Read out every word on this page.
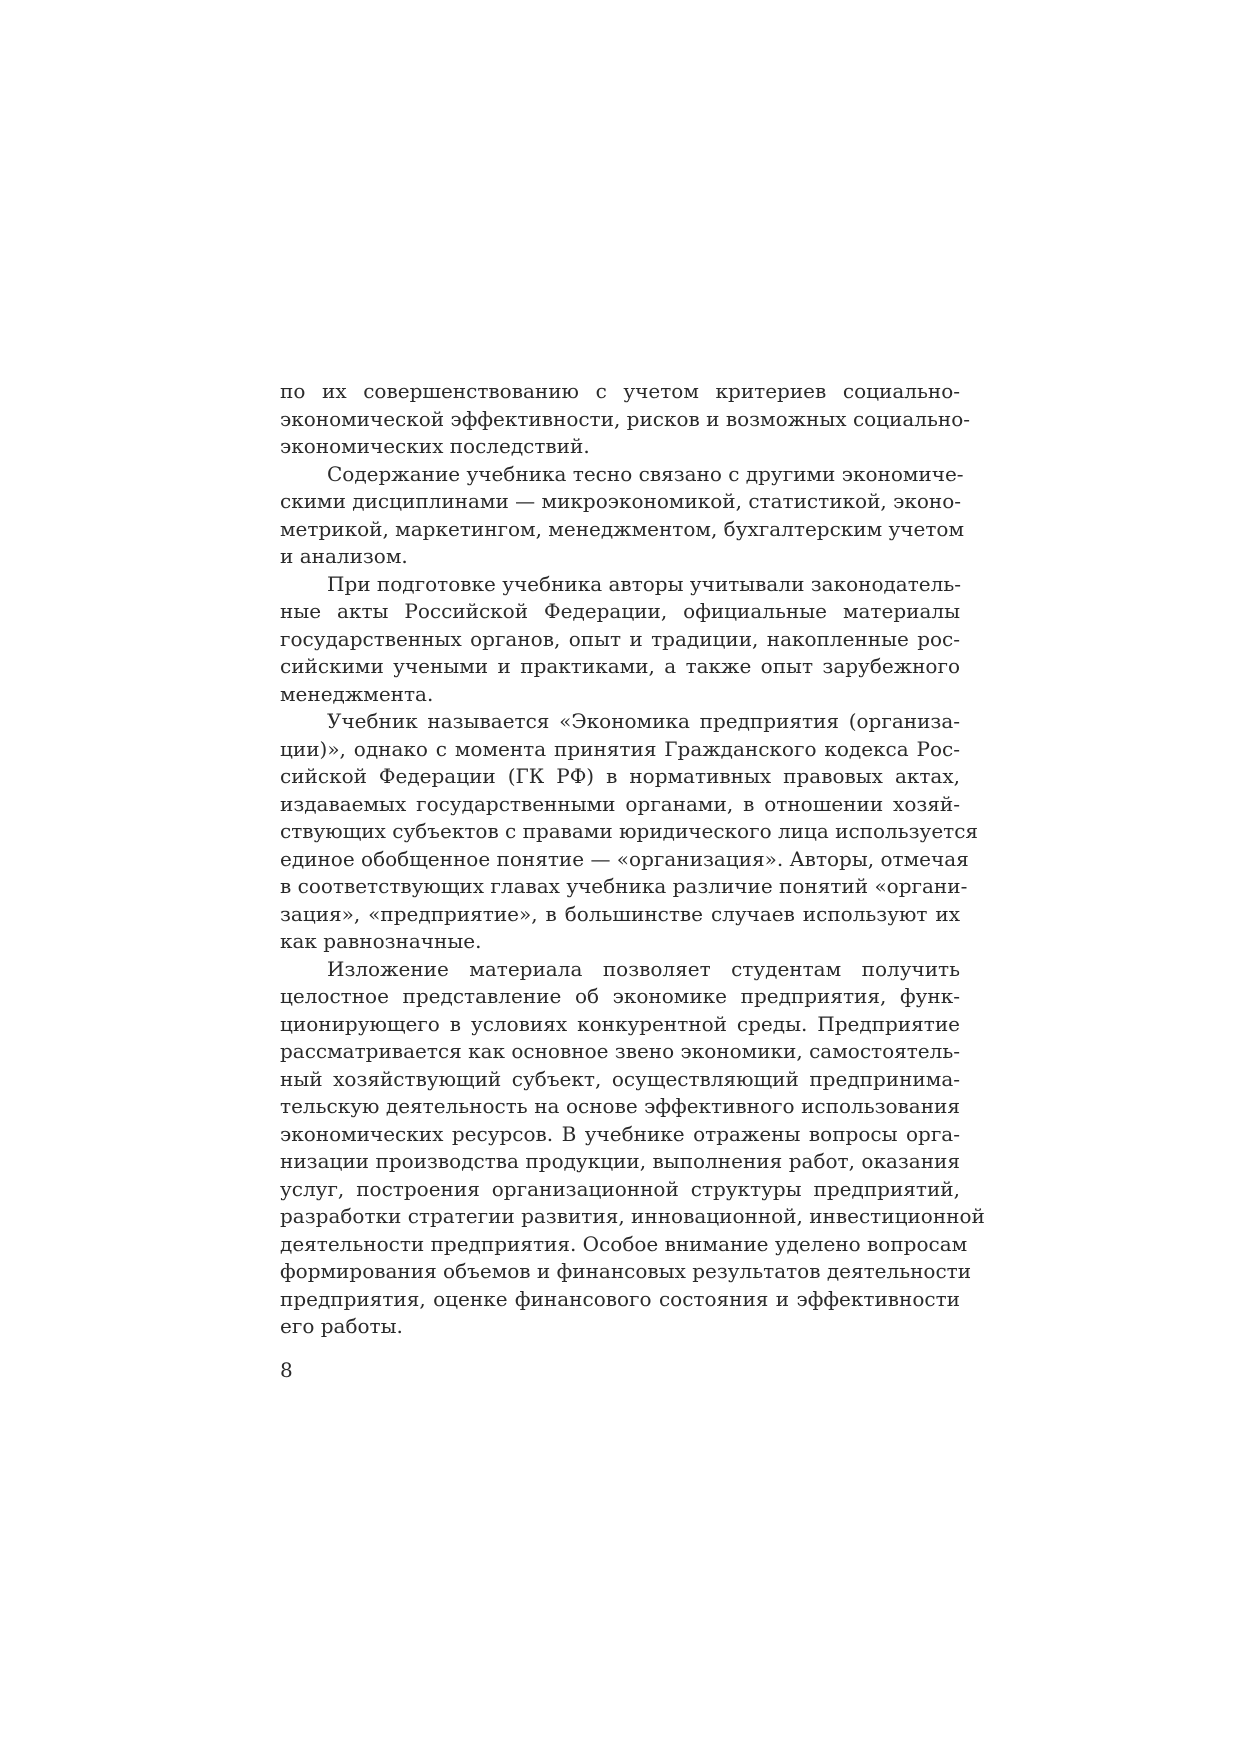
по их совершенствованию с учетом критериев социально-
экономической эффективности, рисков и возможных социально-
экономических последствий.
Содержание учебника тесно связано с другими экономиче-
скими дисциплинами — микроэкономикой, статистикой, эконо-
метрикой, маркетингом, менеджментом, бухгалтерским учетом
и анализом.
При подготовке учебника авторы учитывали законодатель-
ные акты Российской Федерации, официальные материалы
государственных органов, опыт и традиции, накопленные рос-
сийскими учеными и практиками, а также опыт зарубежного
менеджмента.
Учебник называется «Экономика предприятия (организа-
ции)», однако с момента принятия Гражданского кодекса Рос-
сийской Федерации (ГК РФ) в нормативных правовых актах,
издаваемых государственными органами, в отношении хозяй-
ствующих субъектов с правами юридического лица используется
единое обобщенное понятие — «организация». Авторы, отмечая
в соответствующих главах учебника различие понятий «органи-
зация», «предприятие», в большинстве случаев используют их
как равнозначные.
Изложение материала позволяет студентам получить
целостное представление об экономике предприятия, функ-
ционирующего в условиях конкурентной среды. Предприятие
рассматривается как основное звено экономики, самостоятель-
ный хозяйствующий субъект, осуществляющий предпринима-
тельскую деятельность на основе эффективного использования
экономических ресурсов. В учебнике отражены вопросы орга-
низации производства продукции, выполнения работ, оказания
услуг, построения организационной структуры предприятий,
разработки стратегии развития, инновационной, инвестиционной
деятельности предприятия. Особое внимание уделено вопросам
формирования объемов и финансовых результатов деятельности
предприятия, оценке финансового состояния и эффективности
его работы.
8
